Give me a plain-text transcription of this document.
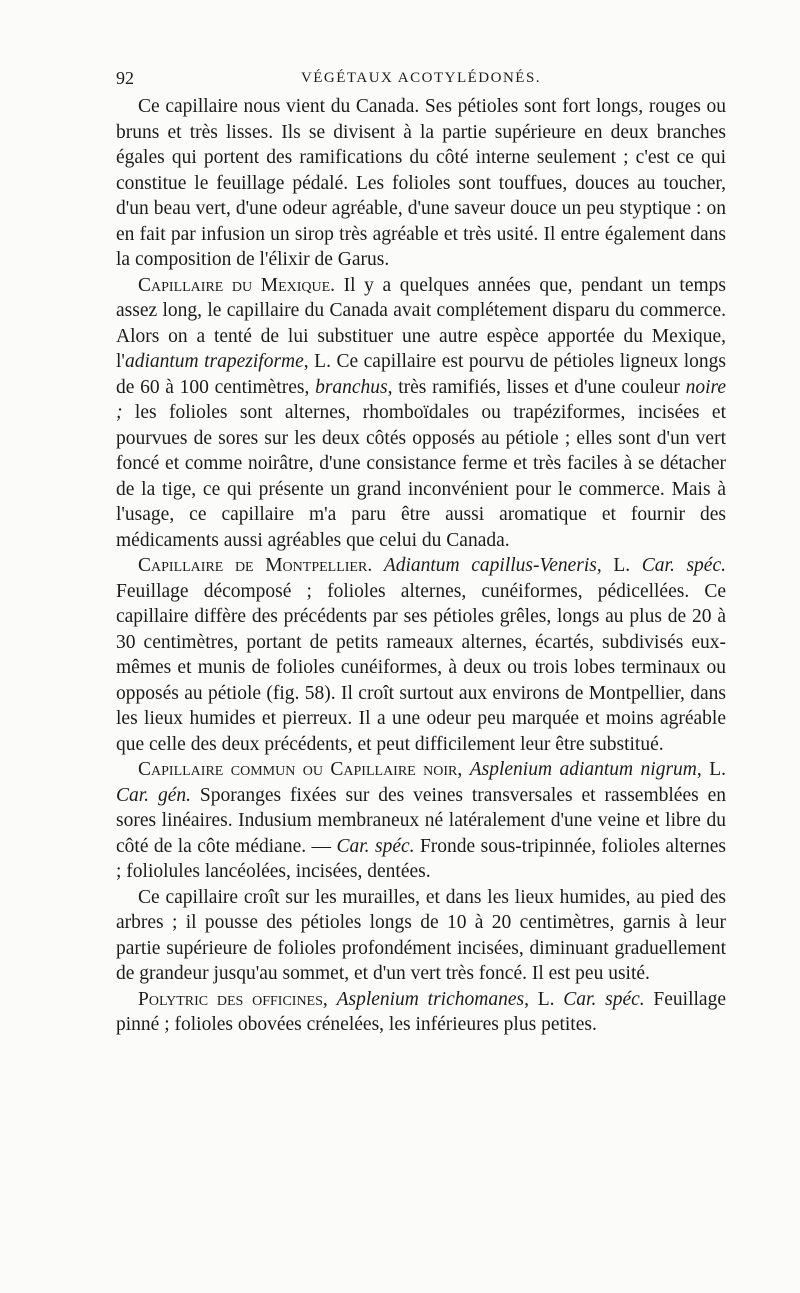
92	VÉGÉTAUX ACOTYLÉDONÉS.

Ce capillaire nous vient du Canada. Ses pétioles sont fort longs, rouges ou bruns et très lisses. Ils se divisent à la partie supérieure en deux branches égales qui portent des ramifications du côté interne seulement ; c'est ce qui constitue le feuillage pédalé. Les folioles sont touffues, douces au toucher, d'un beau vert, d'une odeur agréable, d'une saveur douce un peu styptique : on en fait par infusion un sirop très agréable et très usité. Il entre également dans la composition de l'élixir de Garus.

Capillaire du Mexique. Il y a quelques années que, pendant un temps assez long, le capillaire du Canada avait complétement disparu du commerce. Alors on a tenté de lui substituer une autre espèce apportée du Mexique, l'adiantum trapeziforme, L. Ce capillaire est pourvu de pétioles ligneux longs de 60 à 100 centimètres, branchus, très ramifiés, lisses et d'une couleur noire ; les folioles sont alternes, rhomboïdales ou trapéziformes, incisées et pourvues de sores sur les deux côtés opposés au pétiole ; elles sont d'un vert foncé et comme noirâtre, d'une consistance ferme et très faciles à se détacher de la tige, ce qui présente un grand inconvénient pour le commerce. Mais à l'usage, ce capillaire m'a paru être aussi aromatique et fournir des médicaments aussi agréables que celui du Canada.

Capillaire de Montpellier. Adiantum capillus-Veneris, L. Car. spéc. Feuillage décomposé ; folioles alternes, cunéiformes, pédicellées. Ce capillaire diffère des précédents par ses pétioles grêles, longs au plus de 20 à 30 centimètres, portant de petits rameaux alternes, écartés, subdivisés eux-mêmes et munis de folioles cunéiformes, à deux ou trois lobes terminaux ou opposés au pétiole (fig. 58). Il croît surtout aux environs de Montpellier, dans les lieux humides et pierreux. Il a une odeur peu marquée et moins agréable que celle des deux précédents, et peut difficilement leur être substitué.

Capillaire commun ou Capillaire noir, Asplenium adiantum nigrum, L. Car. gén. Sporanges fixées sur des veines transversales et rassemblées en sores linéaires. Indusium membraneux né latéralement d'une veine et libre du côté de la côte médiane. — Car. spéc. Fronde sous-tripinnée, folioles alternes ; foliolules lancéolées, incisées, dentées.

Ce capillaire croît sur les murailles, et dans les lieux humides, au pied des arbres ; il pousse des pétioles longs de 10 à 20 centimètres, garnis à leur partie supérieure de folioles profondément incisées, diminuant graduellement de grandeur jusqu'au sommet, et d'un vert très foncé. Il est peu usité.

Polytric des officines, Asplenium trichomanes, L. Car. spéc. Feuillage pinné ; folioles obovées crénelées, les inférieures plus petites.
